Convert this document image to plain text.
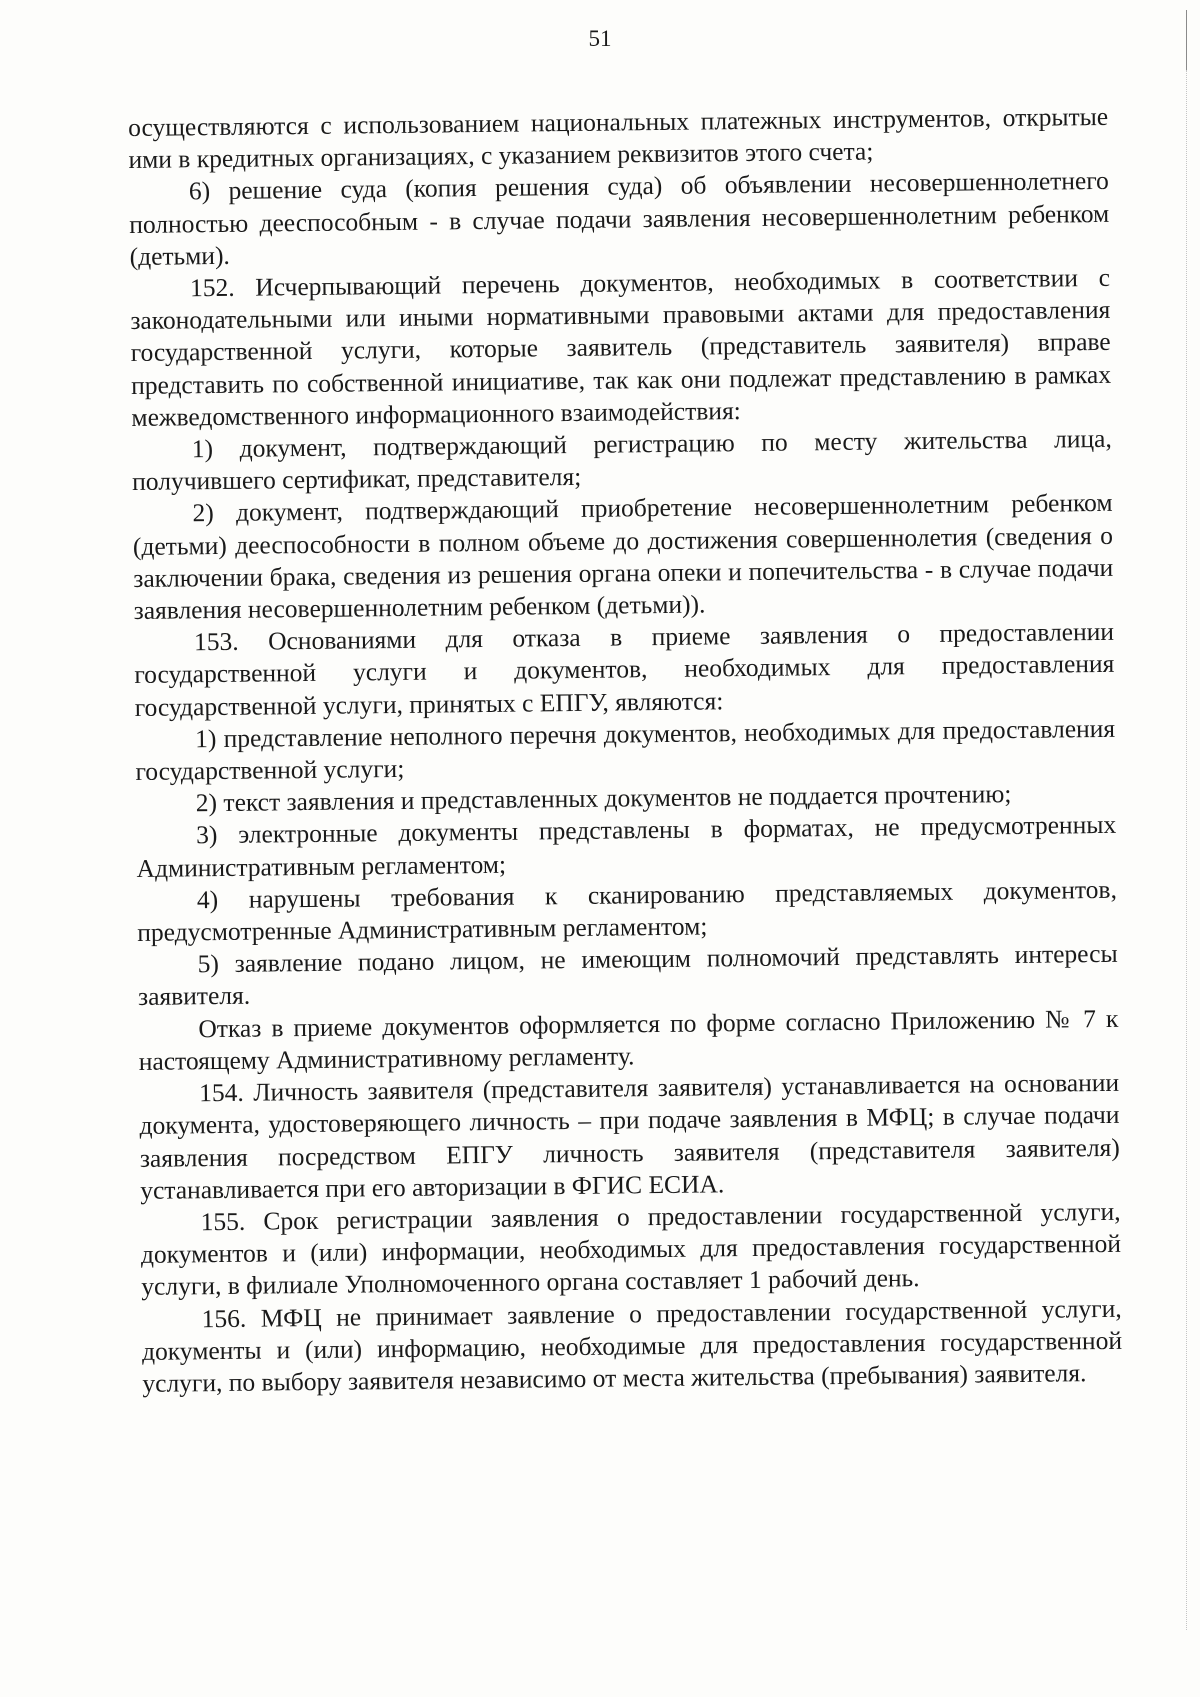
51

осуществляются с использованием национальных платежных инструментов, открытые ими в кредитных организациях, с указанием реквизитов этого счета;

6) решение суда (копия решения суда) об объявлении несовершеннолетнего полностью дееспособным - в случае подачи заявления несовершеннолетним ребенком (детьми).

152. Исчерпывающий перечень документов, необходимых в соответствии с законодательными или иными нормативными правовыми актами для предоставления государственной услуги, которые заявитель (представитель заявителя) вправе представить по собственной инициативе, так как они подлежат представлению в рамках межведомственного информационного взаимодействия:

1) документ, подтверждающий регистрацию по месту жительства лица, получившего сертификат, представителя;

2) документ, подтверждающий приобретение несовершеннолетним ребенком (детьми) дееспособности в полном объеме до достижения совершеннолетия (сведения о заключении брака, сведения из решения органа опеки и попечительства - в случае подачи заявления несовершеннолетним ребенком (детьми)).

153. Основаниями для отказа в приеме заявления о предоставлении государственной услуги и документов, необходимых для предоставления государственной услуги, принятых с ЕПГУ, являются:

1) представление неполного перечня документов, необходимых для предоставления государственной услуги;

2) текст заявления и представленных документов не поддается прочтению;

3) электронные документы представлены в форматах, не предусмотренных Административным регламентом;

4) нарушены требования к сканированию представляемых документов, предусмотренные Административным регламентом;

5) заявление подано лицом, не имеющим полномочий представлять интересы заявителя.

Отказ в приеме документов оформляется по форме согласно Приложению № 7 к настоящему Административному регламенту.

154. Личность заявителя (представителя заявителя) устанавливается на основании документа, удостоверяющего личность – при подаче заявления в МФЦ; в случае подачи заявления посредством ЕПГУ личность заявителя (представителя заявителя) устанавливается при его авторизации в ФГИС ЕСИА.

155. Срок регистрации заявления о предоставлении государственной услуги, документов и (или) информации, необходимых для предоставления государственной услуги, в филиале Уполномоченного органа составляет 1 рабочий день.

156. МФЦ не принимает заявление о предоставлении государственной услуги, документы и (или) информацию, необходимые для предоставления государственной услуги, по выбору заявителя независимо от места жительства (пребывания) заявителя.
